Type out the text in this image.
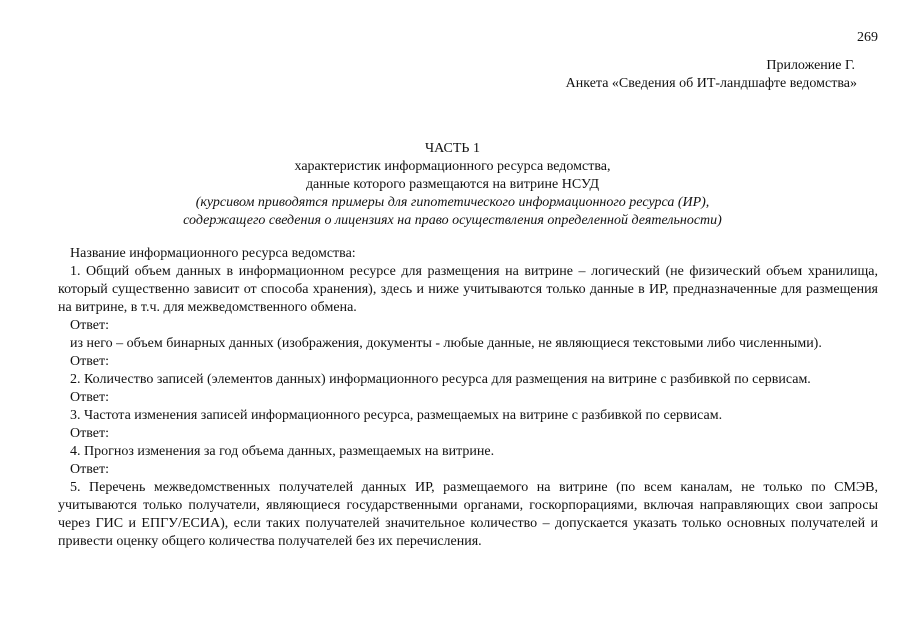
269
Приложение Г.
Анкета «Сведения об ИТ-ландшафте ведомства»
ЧАСТЬ 1
характеристик информационного ресурса ведомства,
данные которого размещаются на витрине НСУД
(курсивом приводятся примеры для гипотетического информационного ресурса (ИР),
содержащего сведения о лицензиях на право осуществления определенной деятельности)

Название информационного ресурса ведомства:

1. Общий объем данных в информационном ресурсе для размещения на витрине – логический (не физический объем хранилища, который существенно зависит от способа хранения), здесь и ниже учитываются только данные в ИР, предназначенные для размещения на витрине, в т.ч. для межведомственного обмена.

Ответ:

из него – объем бинарных данных (изображения, документы - любые данные, не являющиеся текстовыми либо численными).

Ответ:

2. Количество записей (элементов данных) информационного ресурса для размещения на витрине с разбивкой по сервисам.

Ответ:

3. Частота изменения записей информационного ресурса, размещаемых на витрине с разбивкой по сервисам.

Ответ:

4. Прогноз изменения за год объема данных, размещаемых на витрине.

Ответ:

5. Перечень межведомственных получателей данных ИР, размещаемого на витрине (по всем каналам, не только по СМЭВ, учитываются только получатели, являющиеся государственными органами, госкорпорациями, включая направляющих свои запросы через ГИС и ЕПГУ/ЕСИА), если таких получателей значительное количество – допускается указать только основных получателей и привести оценку общего количества получателей без их перечисления.
